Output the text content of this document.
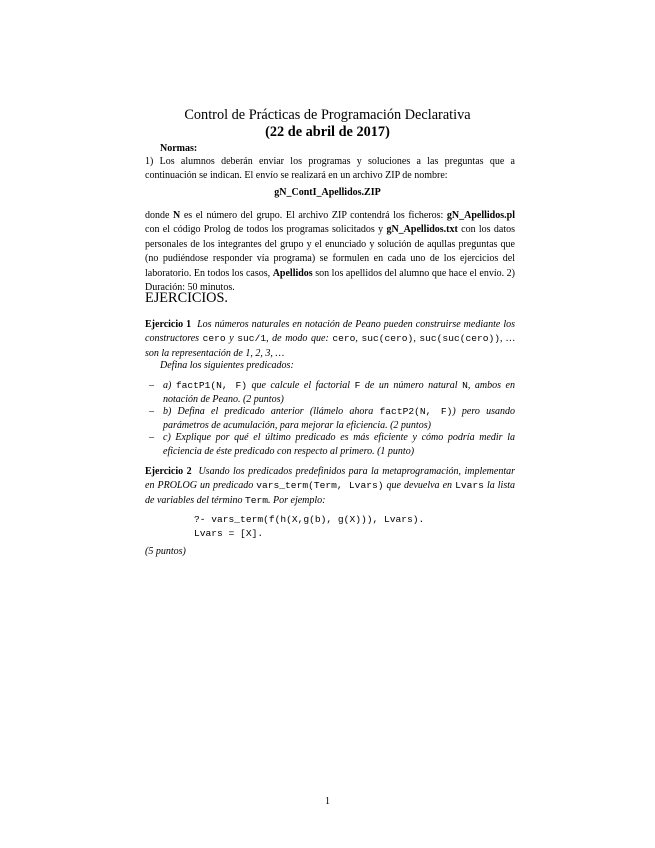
Control de Prácticas de Programación Declarativa
(22 de abril de 2017)
Normas:
1) Los alumnos deberán enviar los programas y soluciones a las preguntas que a continuación se indican. El envío se realizará en un archivo ZIP de nombre:
gN_ContI_Apellidos.ZIP
donde N es el número del grupo. El archivo ZIP contendrá los ficheros: gN_Apellidos.pl con el código Prolog de todos los programas solicitados y gN_Apellidos.txt con los datos personales de los integrantes del grupo y el enunciado y solución de aqullas preguntas que (no pudiéndose responder vía programa) se formulen en cada uno de los ejercicios del laboratorio. En todos los casos, Apellidos son los apellidos del alumno que hace el envío. 2) Duración: 50 minutos.
EJERCICIOS.
Ejercicio 1 Los números naturales en notación de Peano pueden construirse mediante los constructores cero y suc/1, de modo que: cero, suc(cero), suc(suc(cero)), … son la representación de 1, 2, 3, …
Defina los siguientes predicados:
– a) factP1(N, F) que calcule el factorial F de un número natural N, ambos en notación de Peano. (2 puntos)
– b) Defina el predicado anterior (llámelo ahora factP2(N, F)) pero usando parámetros de acumulación, para mejorar la eficiencia. (2 puntos)
– c) Explique por qué el último predicado es más eficiente y cómo podría medir la eficiencia de éste predicado con respecto al primero. (1 punto)
Ejercicio 2 Usando los predicados predefinidos para la metaprogramación, implementar en PROLOG un predicado vars_term(Term, Lvars) que devuelva en Lvars la lista de variables del término Term. Por ejemplo:
?- vars_term(f(h(X,g(b), g(X))), Lvars).
Lvars = [X].
(5 puntos)
1
